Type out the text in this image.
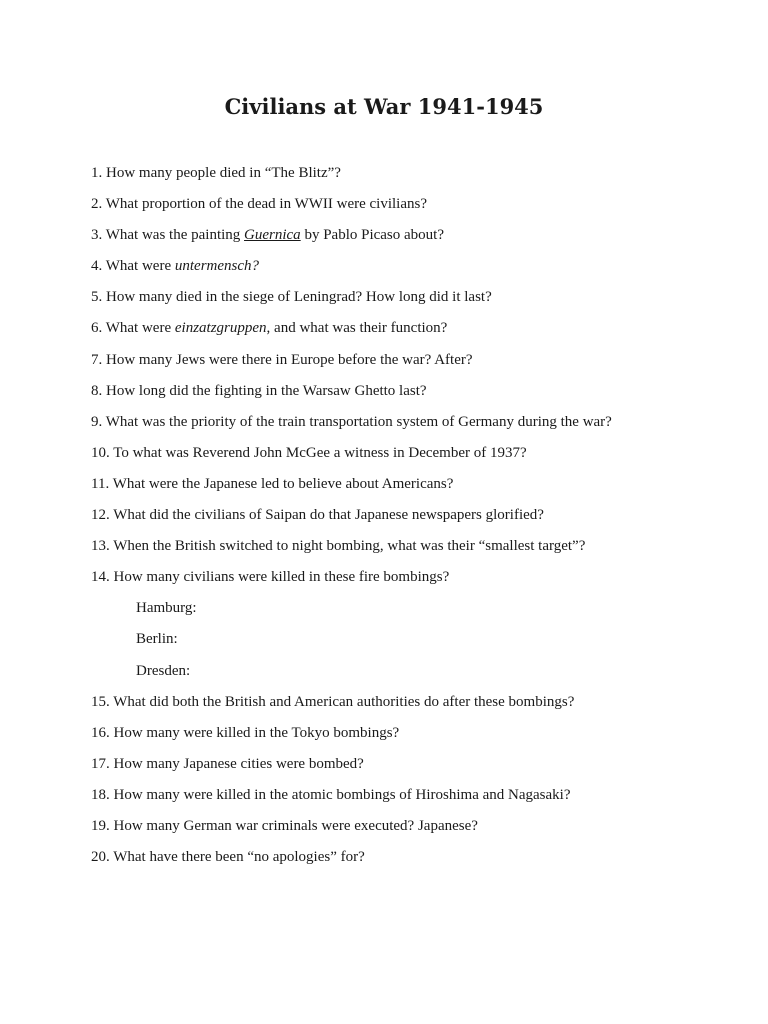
Civilians at War 1941-1945
1. How many people died in “The Blitz”?
2. What proportion of the dead in WWII were civilians?
3. What was the painting Guernica by Pablo Picaso about?
4. What were untermensch?
5. How many died in the siege of Leningrad? How long did it last?
6. What were einzatzgruppen, and what was their function?
7. How many Jews were there in Europe before the war? After?
8. How long did the fighting in the Warsaw Ghetto last?
9. What was the priority of the train transportation system of Germany during the war?
10. To what was Reverend John McGee a witness in December of 1937?
11. What were the Japanese led to believe about Americans?
12. What did the civilians of Saipan do that Japanese newspapers glorified?
13. When the British switched to night bombing, what was their “smallest target”?
14. How many civilians were killed in these fire bombings?
Hamburg:
Berlin:
Dresden:
15. What did both the British and American authorities do after these bombings?
16. How many were killed in the Tokyo bombings?
17. How many Japanese cities were bombed?
18. How many were killed in the atomic bombings of Hiroshima and Nagasaki?
19. How many German war criminals were executed? Japanese?
20. What have there been “no apologies” for?
